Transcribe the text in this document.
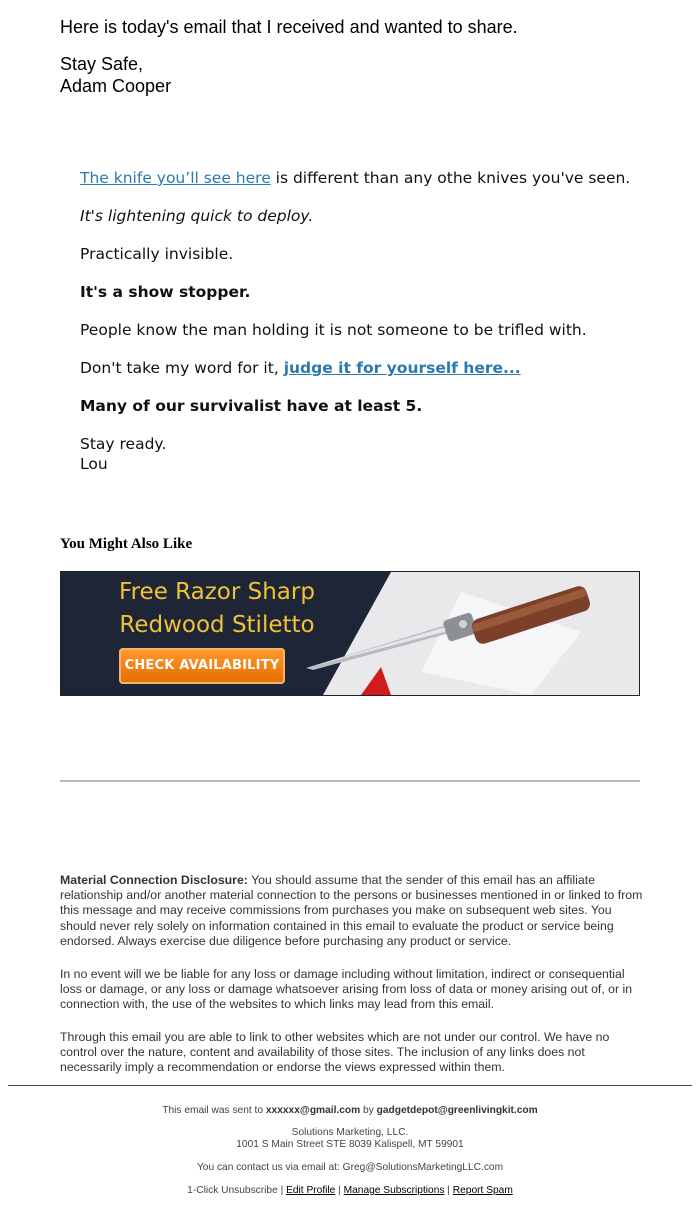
Here is today's email that I received and wanted to share.

Stay Safe,

Adam Cooper

The knife you’ll see here is different than any othe knives you've seen.

It's lightening quick to deploy.

Practically invisible.

It's a show stopper.

People know the man holding it is not someone to be trifled with.

Don't take my word for it, judge it for yourself here...

Many of our survivalist have at least 5.

Stay ready.

Lou

You Might Also Like
Free Razor Sharp
Redwood Stiletto
CHECK AVAILABILITY

Material Connection Disclosure: You should assume that the sender of this email has an affiliate relationship and/or another material connection to the persons or businesses mentioned in or linked to from this message and may receive commissions from purchases you make on subsequent web sites. You should never rely solely on information contained in this email to evaluate the product or service being endorsed. Always exercise due diligence before purchasing any product or service.

In no event will we be liable for any loss or damage including without limitation, indirect or consequential loss or damage, or any loss or damage whatsoever arising from loss of data or money arising out of, or in connection with, the use of the websites to which links may lead from this email.

Through this email you are able to link to other websites which are not under our control. We have no control over the nature, content and availability of those sites. The inclusion of any links does not necessarily imply a recommendation or endorse the views expressed within them.

This email was sent to xxxxxx@gmail.com by gadgetdepot@greenlivingkit.com
Solutions Marketing, LLC.
1001 S Main Street STE 8039 Kalispell, MT 59901
You can contact us via email at: Greg@SolutionsMarketingLLC.com
1-Click Unsubscribe | Edit Profile | Manage Subscriptions | Report Spam
